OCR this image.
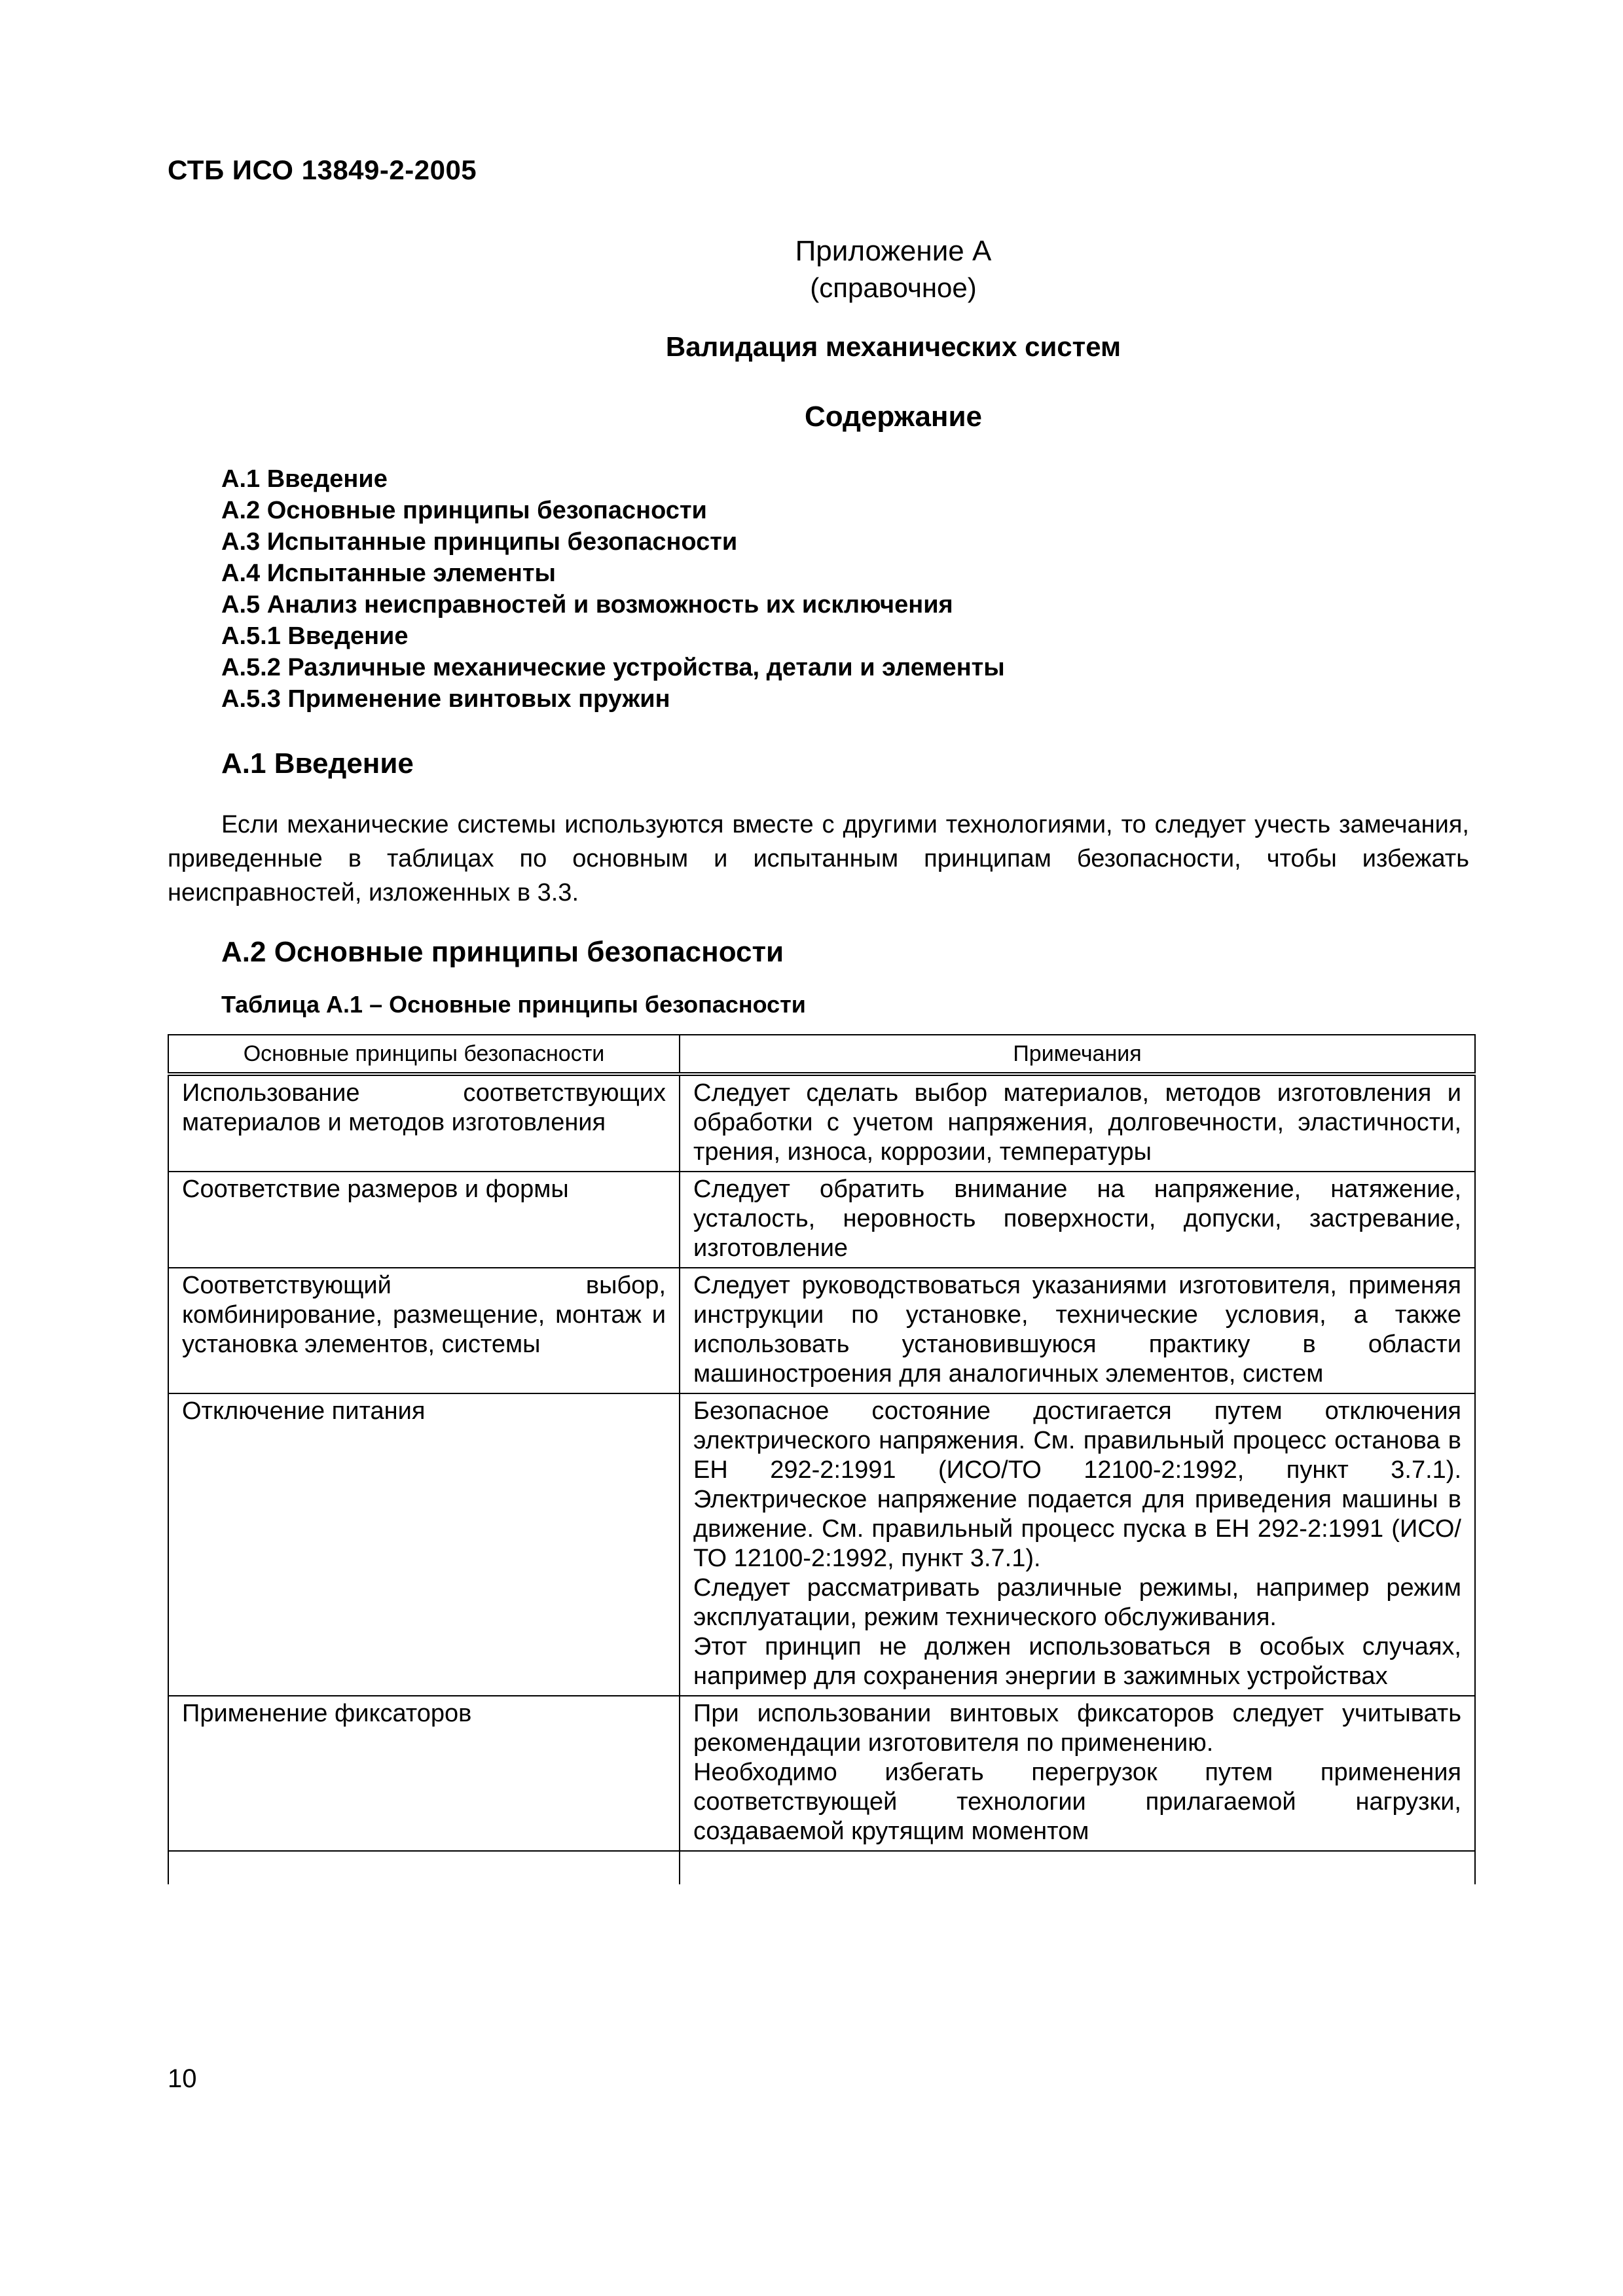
СТБ ИСО 13849-2-2005
Приложение А
(справочное)
Валидация механических систем
Содержание
А.1 Введение
А.2 Основные принципы безопасности
А.3 Испытанные принципы безопасности
А.4 Испытанные элементы
А.5 Анализ неисправностей и возможность их исключения
А.5.1 Введение
А.5.2 Различные механические устройства, детали и элементы
А.5.3 Применение винтовых пружин
А.1 Введение

Если механические системы используются вместе с другими технологиями, то следует учесть замечания, приведенные в таблицах по основным и испытанным принципам безопасности, чтобы избежать неисправностей, изложенных в 3.3.

А.2 Основные принципы безопасности
Таблица А.1 – Основные принципы безопасности
Основные принципы безопасности	Примечания
Использование соответствующих материалов и методов изготовления	Следует сделать выбор материалов, методов изготовления и обработки с учетом напряжения, долговечности, эластичности, трения, износа, коррозии, температуры

Соответствие размеров и формы	Следует обратить внимание на напряжение, натяжение, усталость, неровность поверхности, допуски, застревание, изготовление

Соответствующий выбор, комбинирование, размещение, монтаж и установка элементов, системы	Следует руководствоваться указаниями изготовителя, применяя инструкции по установке, технические условия, а также использовать установившуюся практику в области машиностроения для аналогичных элементов, систем

Отключение питания	Безопасное состояние достигается путем отключения электрического напряжения. См. правильный процесс останова в ЕН 292-2:1991 (ИСО/ТО 12100-2:1992, пункт 3.7.1). Электрическое напряжение подается для приведения машины в движение. См. правильный процесс пуска в ЕН 292-2:1991 (ИСО/ТО 12100-2:1992, пункт 3.7.1).
Следует рассматривать различные режимы, например режим эксплуатации, режим технического обслуживания.
Этот принцип не должен использоваться в особых случаях, например для сохранения энергии в зажимных устройствах

Применение фиксаторов	При использовании винтовых фиксаторов следует учитывать рекомендации изготовителя по применению.
Необходимо избегать перегрузок путем применения соответствующей технологии прилагаемой нагрузки, создаваемой крутящим моментом

10
